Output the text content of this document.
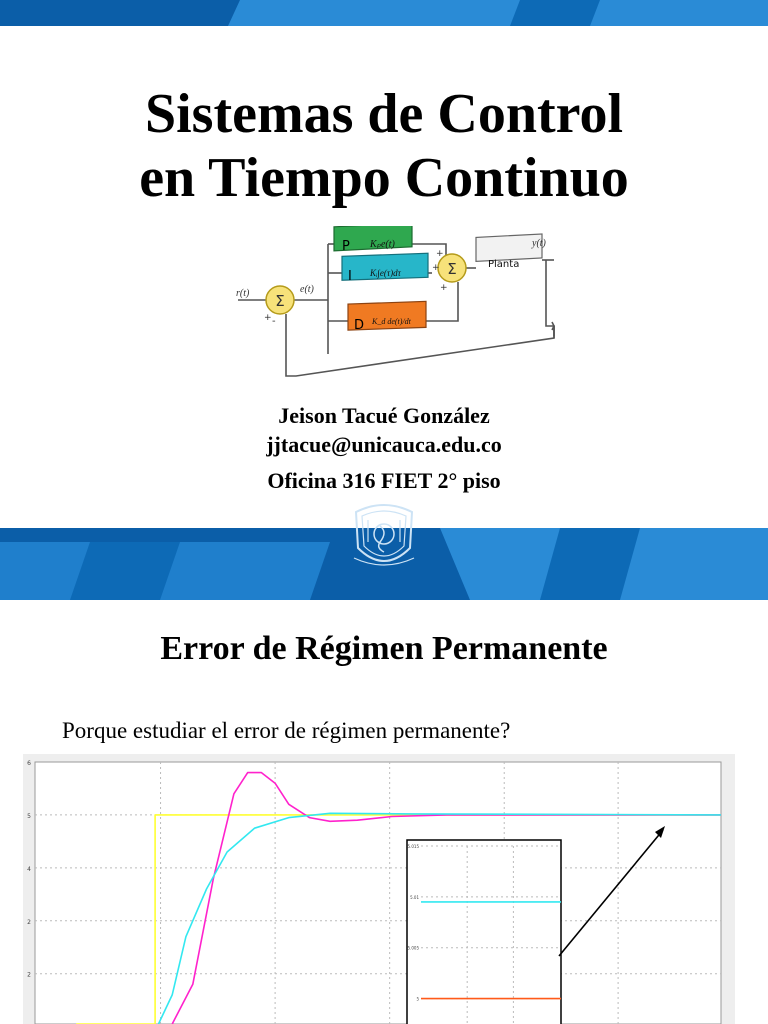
Sistemas de Control
en Tiempo Continuo
Σ
+ -
r(t)	e(t)
P Kₚe(t)
I Kᵢ∫e(τ)dτ
D K_d de(t)/dt
Σ
+
+
+
Planta
y(t)
Jeison Tacué González
jjtacue@unicauca.edu.co
Oficina 316 FIET 2° piso
Error de Régimen Permanente
Porque estudiar el error de régimen permanente?
6
5
4
2
2
5.015
5.01
5.005
5
